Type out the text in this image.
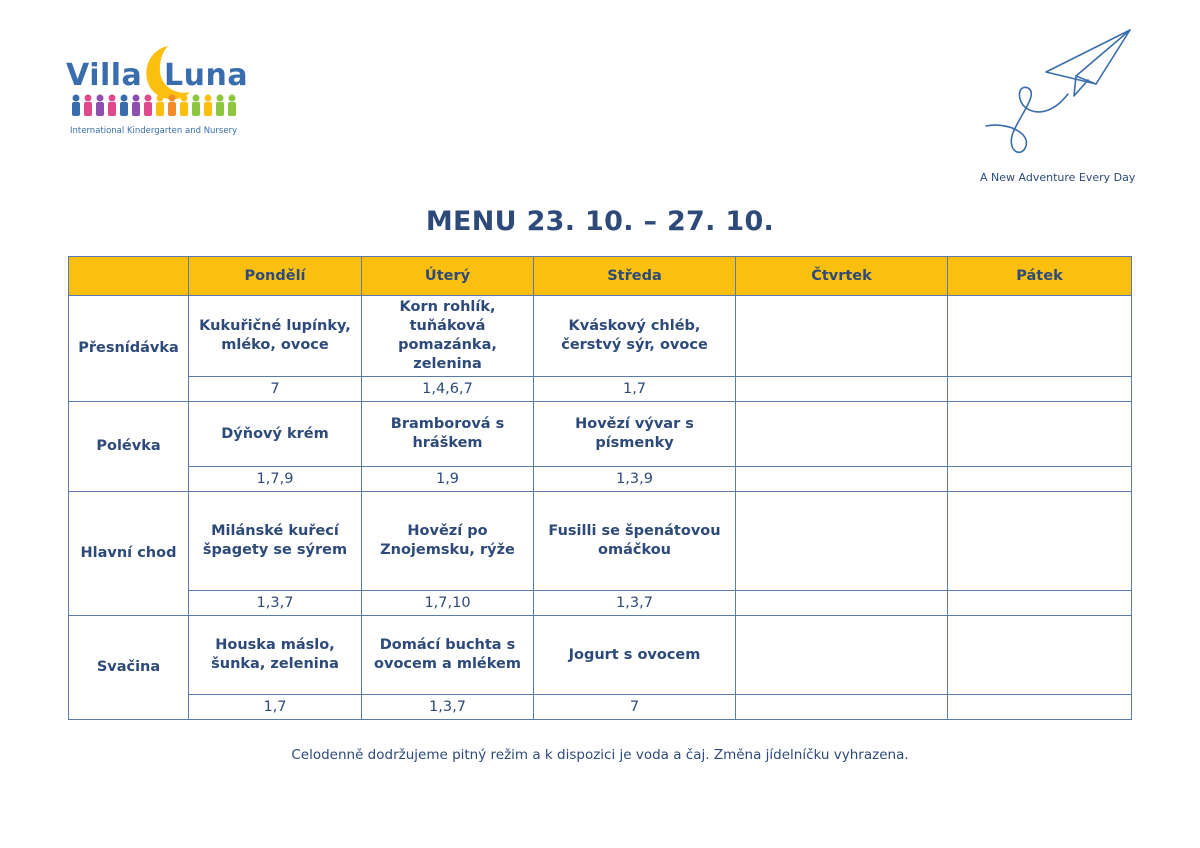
Villa Luna
International Kindergarten and Nursery
A New Adventure Every Day
MENU 23. 10. – 27. 10.
	Pondělí	Úterý	Středa	Čtvrtek	Pátek
Přesnídávka	Kukuřičné lupínky, mléko, ovoce	Korn rohlík, tuňáková pomazánka, zelenina	Kváskový chléb, čerstvý sýr, ovoce		
	7	1,4,6,7	1,7		
Polévka	Dýňový krém	Bramborová s hráškem	Hovězí vývar s písmenky		
	1,7,9	1,9	1,3,9		
Hlavní chod	Milánské kuřecí špagety se sýrem	Hovězí po Znojemsku, rýže	Fusilli se špenátovou omáčkou		
	1,3,7	1,7,10	1,3,7		
Svačina	Houska máslo, šunka, zelenina	Domácí buchta s ovocem a mlékem	Jogurt s ovocem		
	1,7	1,3,7	7		
Celodenně dodržujeme pitný režim a k dispozici je voda a čaj. Změna jídelníčku vyhrazena.
